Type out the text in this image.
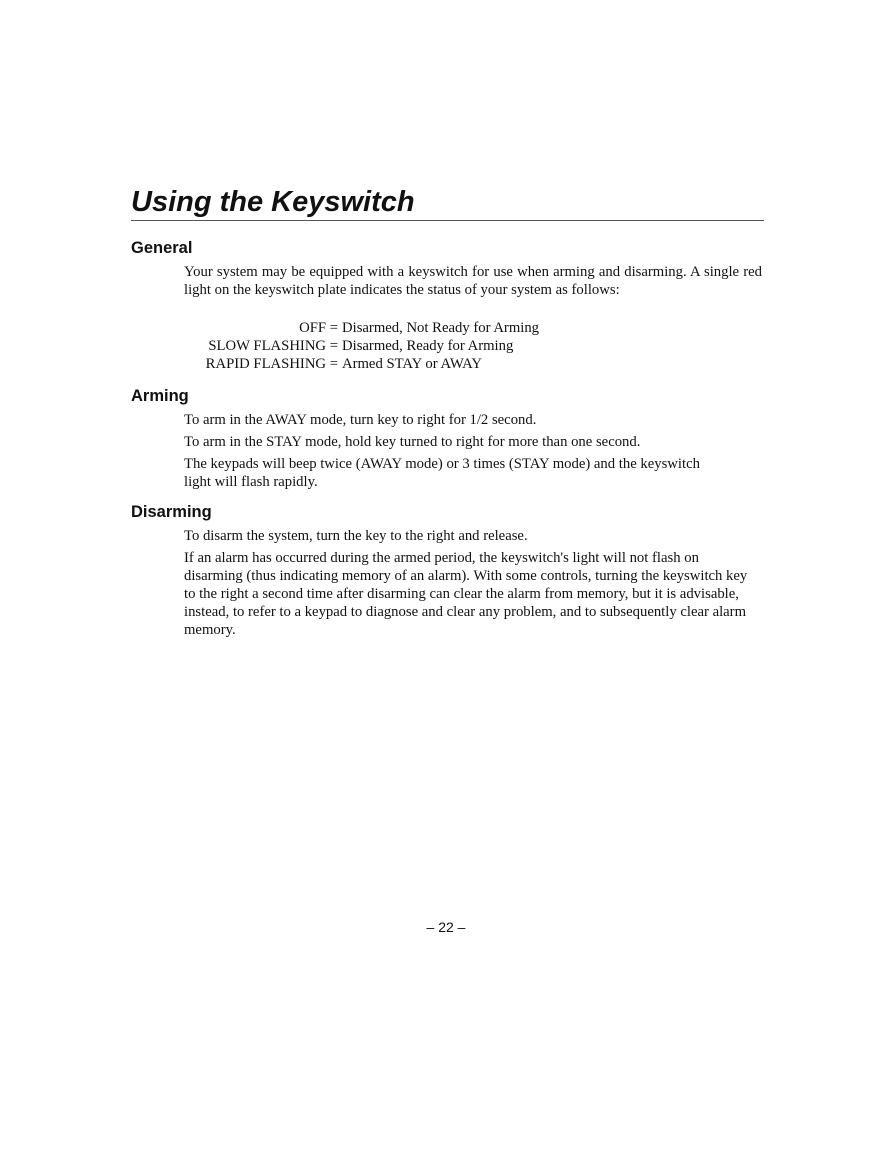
Using the Keyswitch
General

Your system may be equipped with a keyswitch for use when arming and disarming. A single red light on the keyswitch plate indicates the status of your system as follows:

OFF = Disarmed, Not Ready for Arming
SLOW FLASHING = Disarmed, Ready for Arming
RAPID FLASHING = Armed STAY or AWAY
Arming

To arm in the AWAY mode, turn key to right for 1/2 second.

To arm in the STAY mode, hold key turned to right for more than one second.

The keypads will beep twice (AWAY mode) or 3 times (STAY mode) and the keyswitch light will flash rapidly.

Disarming

To disarm the system, turn the key to the right and release.

If an alarm has occurred during the armed period, the keyswitch's light will not flash on disarming (thus indicating memory of an alarm). With some controls, turning the keyswitch key to the right a second time after disarming can clear the alarm from memory, but it is advisable, instead, to refer to a keypad to diagnose and clear any problem, and to subsequently clear alarm memory.

– 22 –
